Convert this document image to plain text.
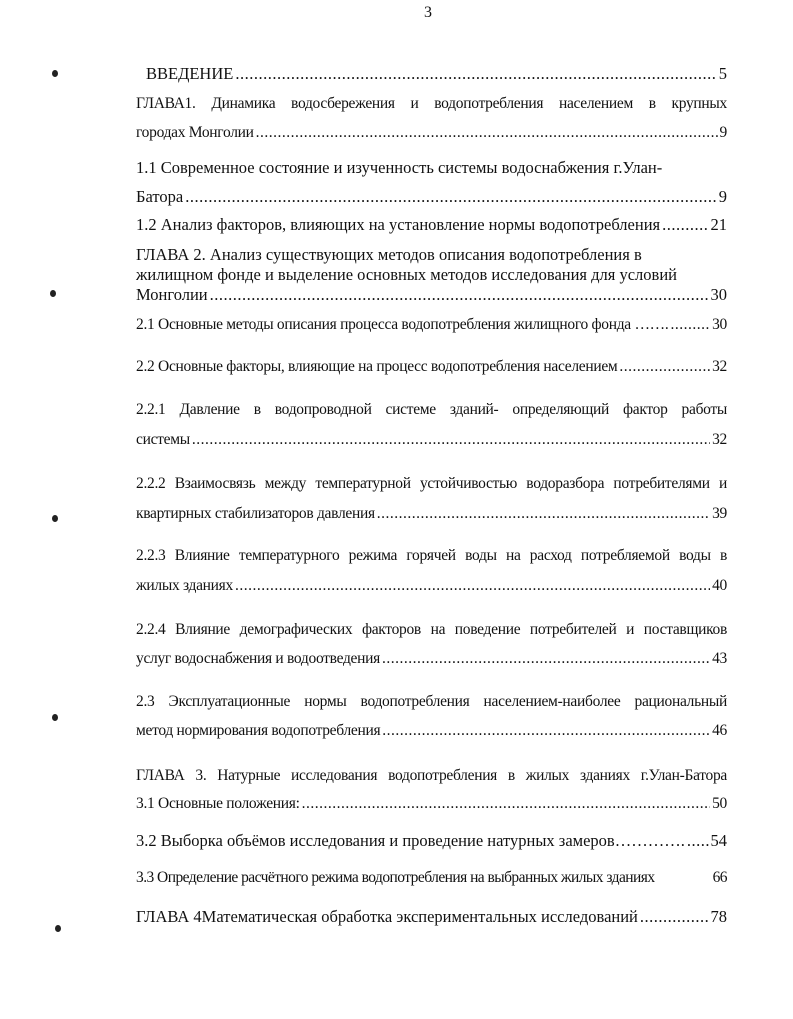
3
ВВЕДЕНИЕ .....	5
ГЛАВА1. Динамика водосбережения и водопотребления населением в крупных
городах Монголии .....	9
1.1 Современное состояние и изученность системы водоснабжения г.Улан-
Батора .....	9
1.2 Анализ факторов, влияющих на установление нормы водопотребления .....	21
ГЛАВА 2. Анализ существующих методов описания водопотребления в
жилищном фонде и выделение основных методов исследования для условий
Монголии .....	30
2.1 Основные методы описания процесса водопотребления жилищного фонда ……. .....	30
2.2 Основные факторы, влияющие на процесс водопотребления населением .....	32
2.2.1 Давление в водопроводной системе зданий- определяющий фактор работы
системы .....	32
2.2.2 Взаимосвязь между температурной устойчивостью водоразбора потребителями и
квартирных стабилизаторов давления .....	39
2.2.3 Влияние температурного режима горячей воды на расход потребляемой воды в
жилых зданиях .....	40
2.2.4 Влияние демографических факторов на поведение потребителей и поставщиков
услуг водоснабжения и водоотведения .....	43
2.3 Эксплуатационные нормы водопотребления населением-наиболее рациональный
метод нормирования водопотребления .....	46
ГЛАВА 3. Натурные исследования водопотребления в жилых зданиях г.Улан-Батора
3.1 Основные положения: .....	50
3.2 Выборка объёмов исследования и проведение натурных замеров…………. ..... 54
3.3 Определение расчётного режима водопотребления на выбранных жилых зданиях	66
ГЛАВА 4Математическая обработка экспериментальных исследований .....	78
